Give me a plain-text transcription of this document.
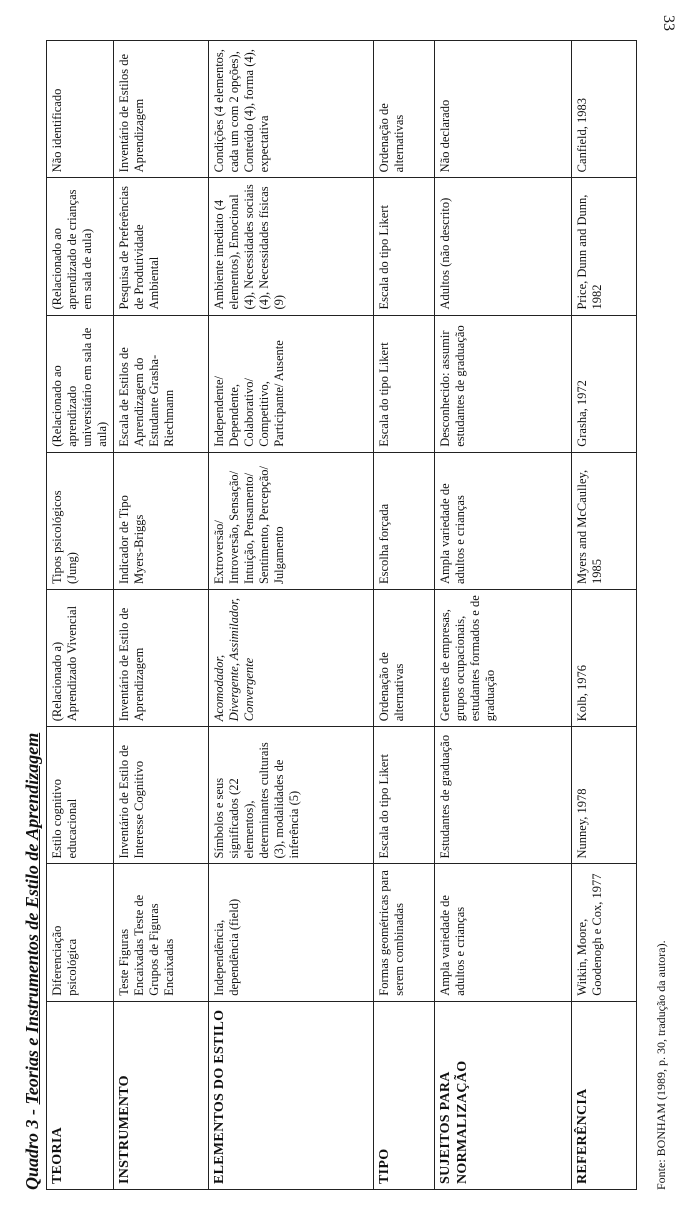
33
Quadro 3 - Teorias e Instrumentos de Estilo de Aprendizagem
TEORIA	Diferenciação psicológica	Estilo cognitivo educacional	(Relacionado a) Aprendizado Vivencial	Tipos psicológicos (Jung)	(Relacionado ao aprendizado universitário em sala de aula)	(Relacionado ao aprendizado de crianças em sala de aula)	Não identificado
INSTRUMENTO	Teste Figuras Encaixadas Teste de Grupos de Figuras Encaixadas	Inventário de Estilo de Interesse Cognitivo	Inventário de Estilo de Aprendizagem	Indicador de Tipo Myers-Briggs	Escala de Estilos de Aprendizagem do Estudante Grasha-Riechmann	Pesquisa de Preferências de Produtividade Ambiental	Inventário de Estilos de Aprendizagem
ELEMENTOS DO ESTILO	Independência, dependência (field)	Símbolos e seus significados (22 elementos), determinantes culturais (3), modalidades de inferência (5)	Acomodador, Divergente, Assimilador, Convergente	Extroversão/ Introversão, Sensação/ Intuição, Pensamento/ Sentimento, Percepção/ Julgamento	Independente/ Dependente, Colaborativo/ Competitivo, Participante/ Ausente	Ambiente imediato (4 elementos), Emocional (4), Necessidades sociais (4), Necessidades físicas (9)	Condições (4 elementos, cada um com 2 opções), Conteúdo (4), forma (4), expectativa
TIPO	Formas geométricas para serem combinadas	Escala do tipo Likert	Ordenação de alternativas	Escolha forçada	Escala do tipo Likert	Escala do tipo Likert	Ordenação de alternativas
SUJEITOS PARA NORMALIZAÇÃO	Ampla variedade de adultos e crianças	Estudantes de graduação	Gerentes de empresas, grupos ocupacionais, estudantes formados e de graduação	Ampla variedade de adultos e crianças	Desconhecido: assumir estudantes de graduação	Adultos (não descrito)	Não declarado
REFERÊNCIA	Witkin, Moore, Goodenogh e Cox, 1977	Nunney, 1978	Kolb, 1976	Myers and McCaulley, 1985	Grasha, 1972	Price, Dunn and Dunn, 1982	Canfield, 1983
Fonte: BONHAM (1989, p. 30, tradução da autora).
